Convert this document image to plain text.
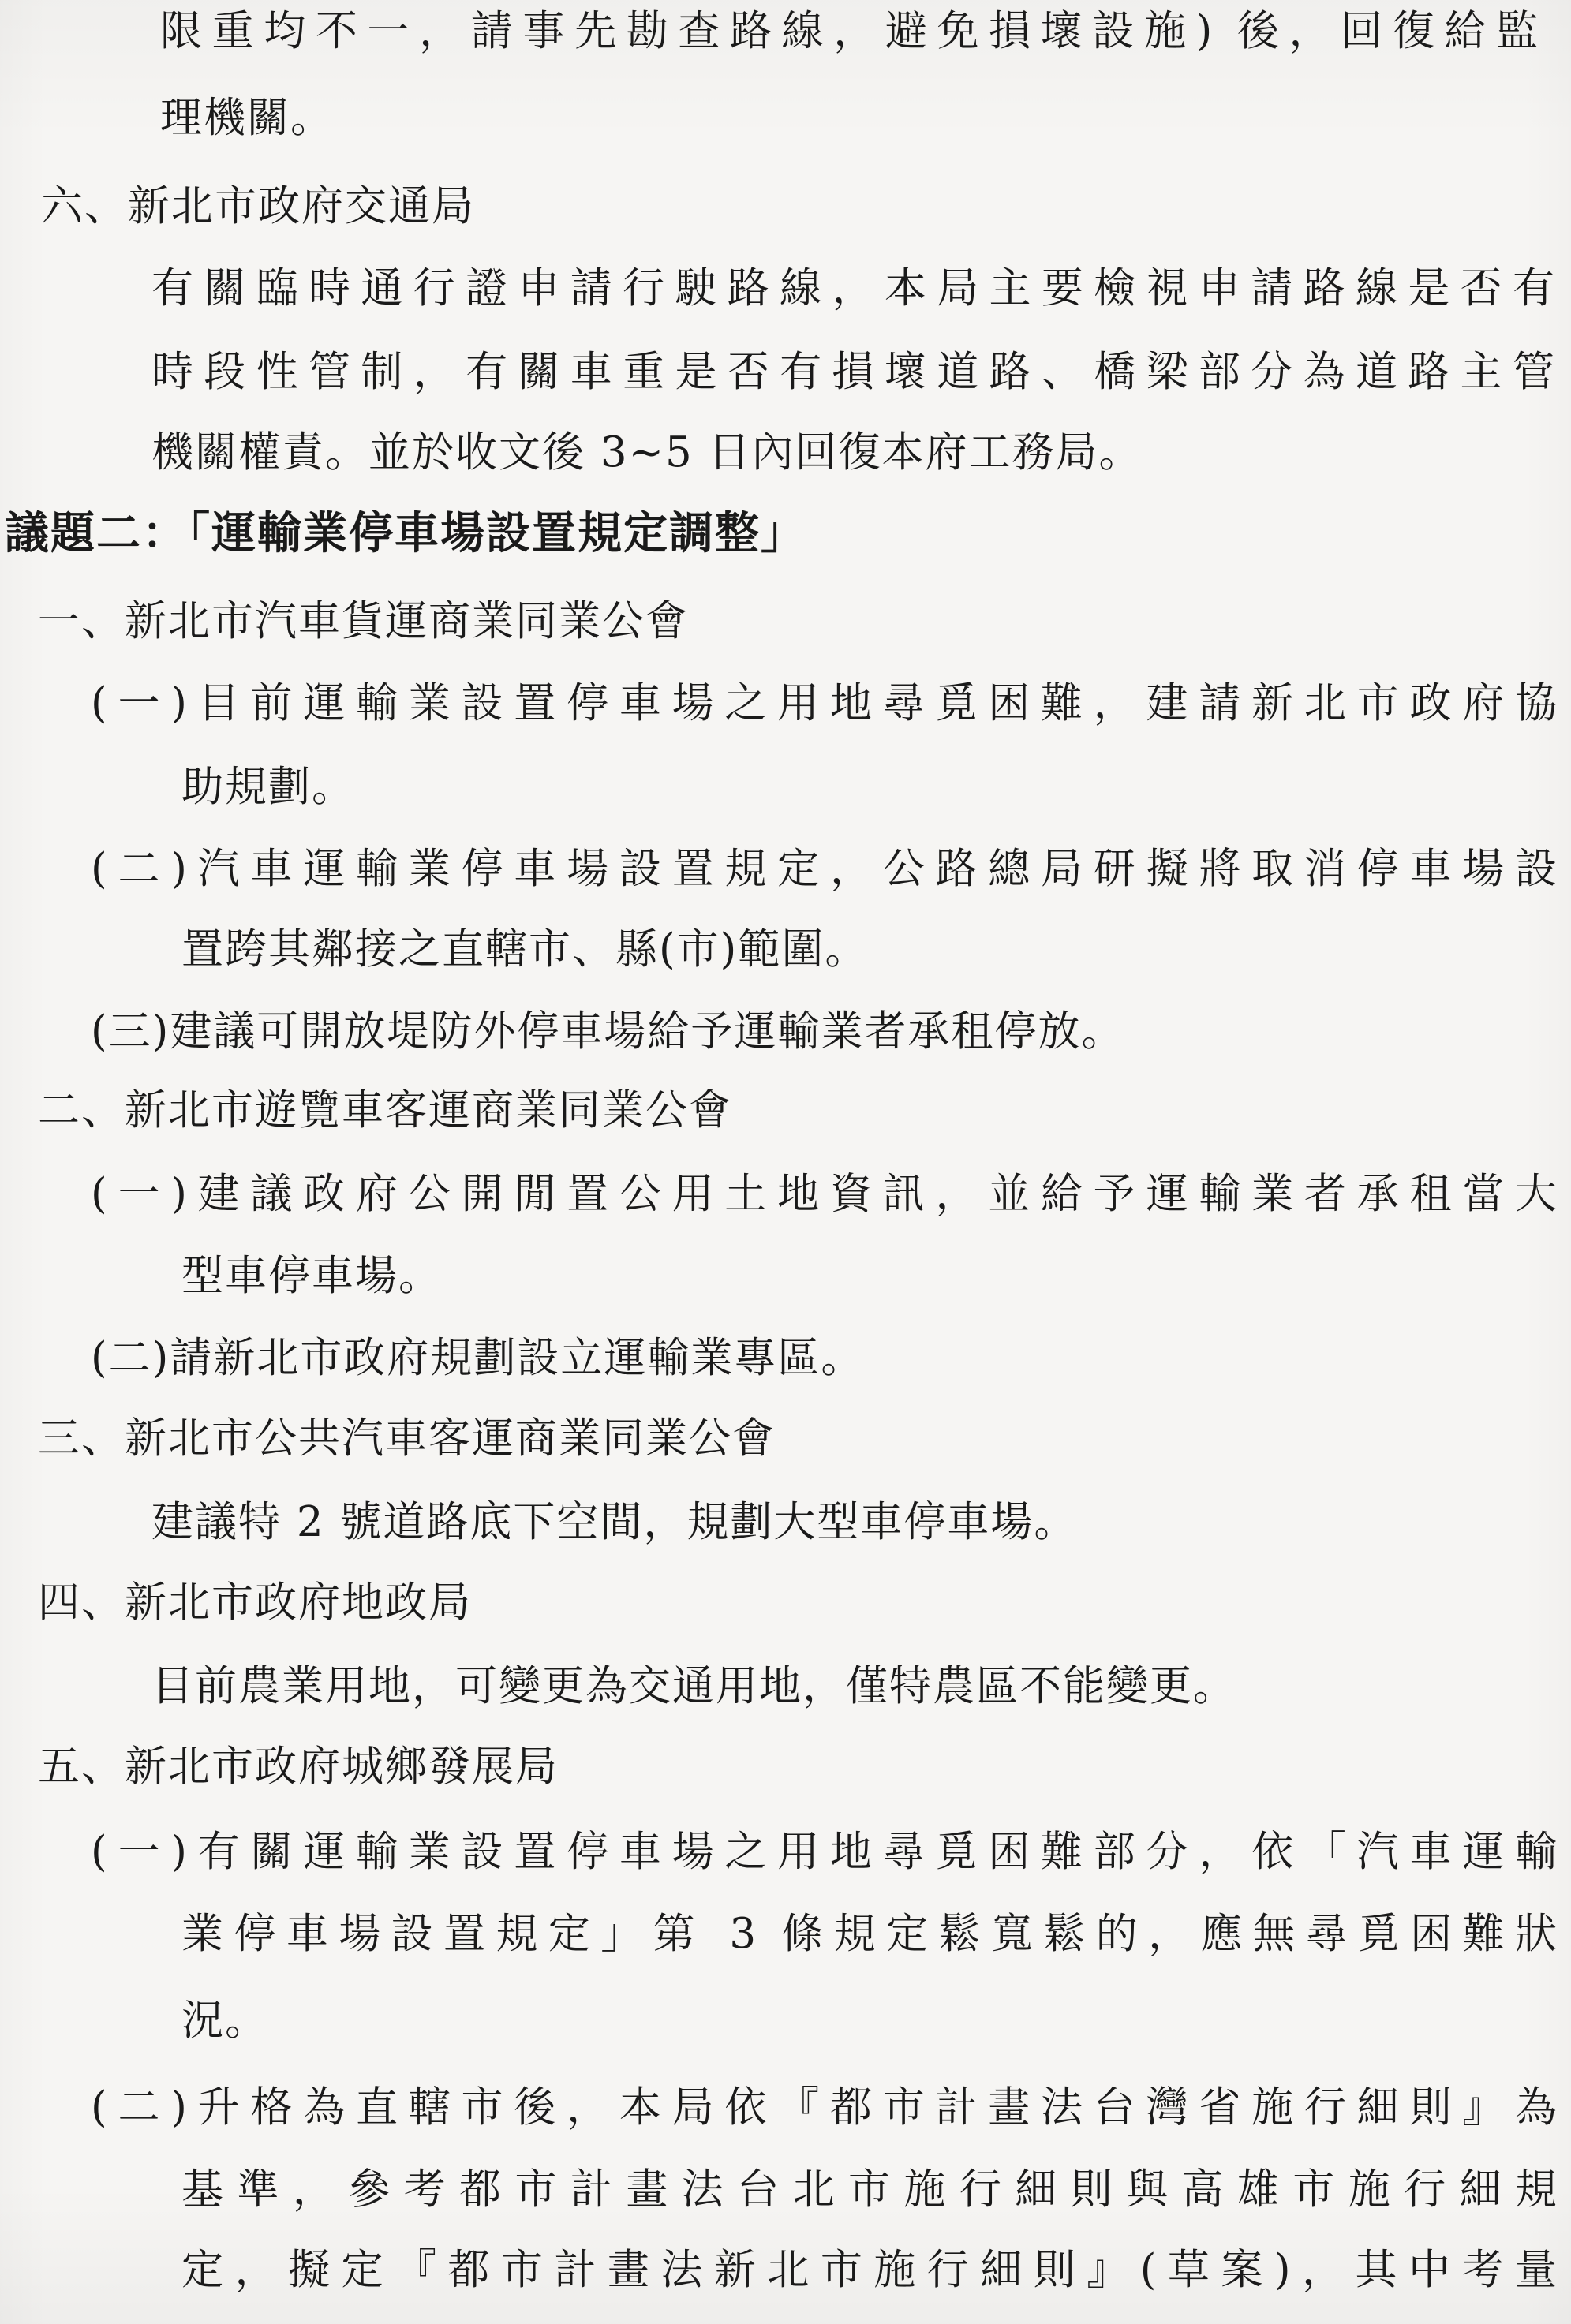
限重均不一，請事先勘查路線，避免損壞設施) 後，回復給監
理機關。
六、新北市政府交通局
有關臨時通行證申請行駛路線，本局主要檢視申請路線是否有
時段性管制，有關車重是否有損壞道路、橋梁部分為道路主管
機關權責。並於收文後 3~5 日內回復本府工務局。
議題二：「運輸業停車場設置規定調整」
一、新北市汽車貨運商業同業公會
(一)目前運輸業設置停車場之用地尋覓困難，建請新北市政府協
助規劃。
(二)汽車運輸業停車場設置規定，公路總局研擬將取消停車場設
置跨其鄰接之直轄市、縣(市)範圍。
(三)建議可開放堤防外停車場給予運輸業者承租停放。
二、新北市遊覽車客運商業同業公會
(一)建議政府公開閒置公用土地資訊，並給予運輸業者承租當大
型車停車場。
(二)請新北市政府規劃設立運輸業專區。
三、新北市公共汽車客運商業同業公會
建議特 2 號道路底下空間，規劃大型車停車場。
四、新北市政府地政局
目前農業用地，可變更為交通用地，僅特農區不能變更。
五、新北市政府城鄉發展局
(一)有關運輸業設置停車場之用地尋覓困難部分，依「汽車運輸
業停車場設置規定」第 3 條規定鬆寬鬆的，應無尋覓困難狀
況。
(二)升格為直轄市後，本局依『都市計畫法台灣省施行細則』為
基準，參考都市計畫法台北市施行細則與高雄市施行細規
定，擬定『都市計畫法新北市施行細則』(草案)，其中考量
